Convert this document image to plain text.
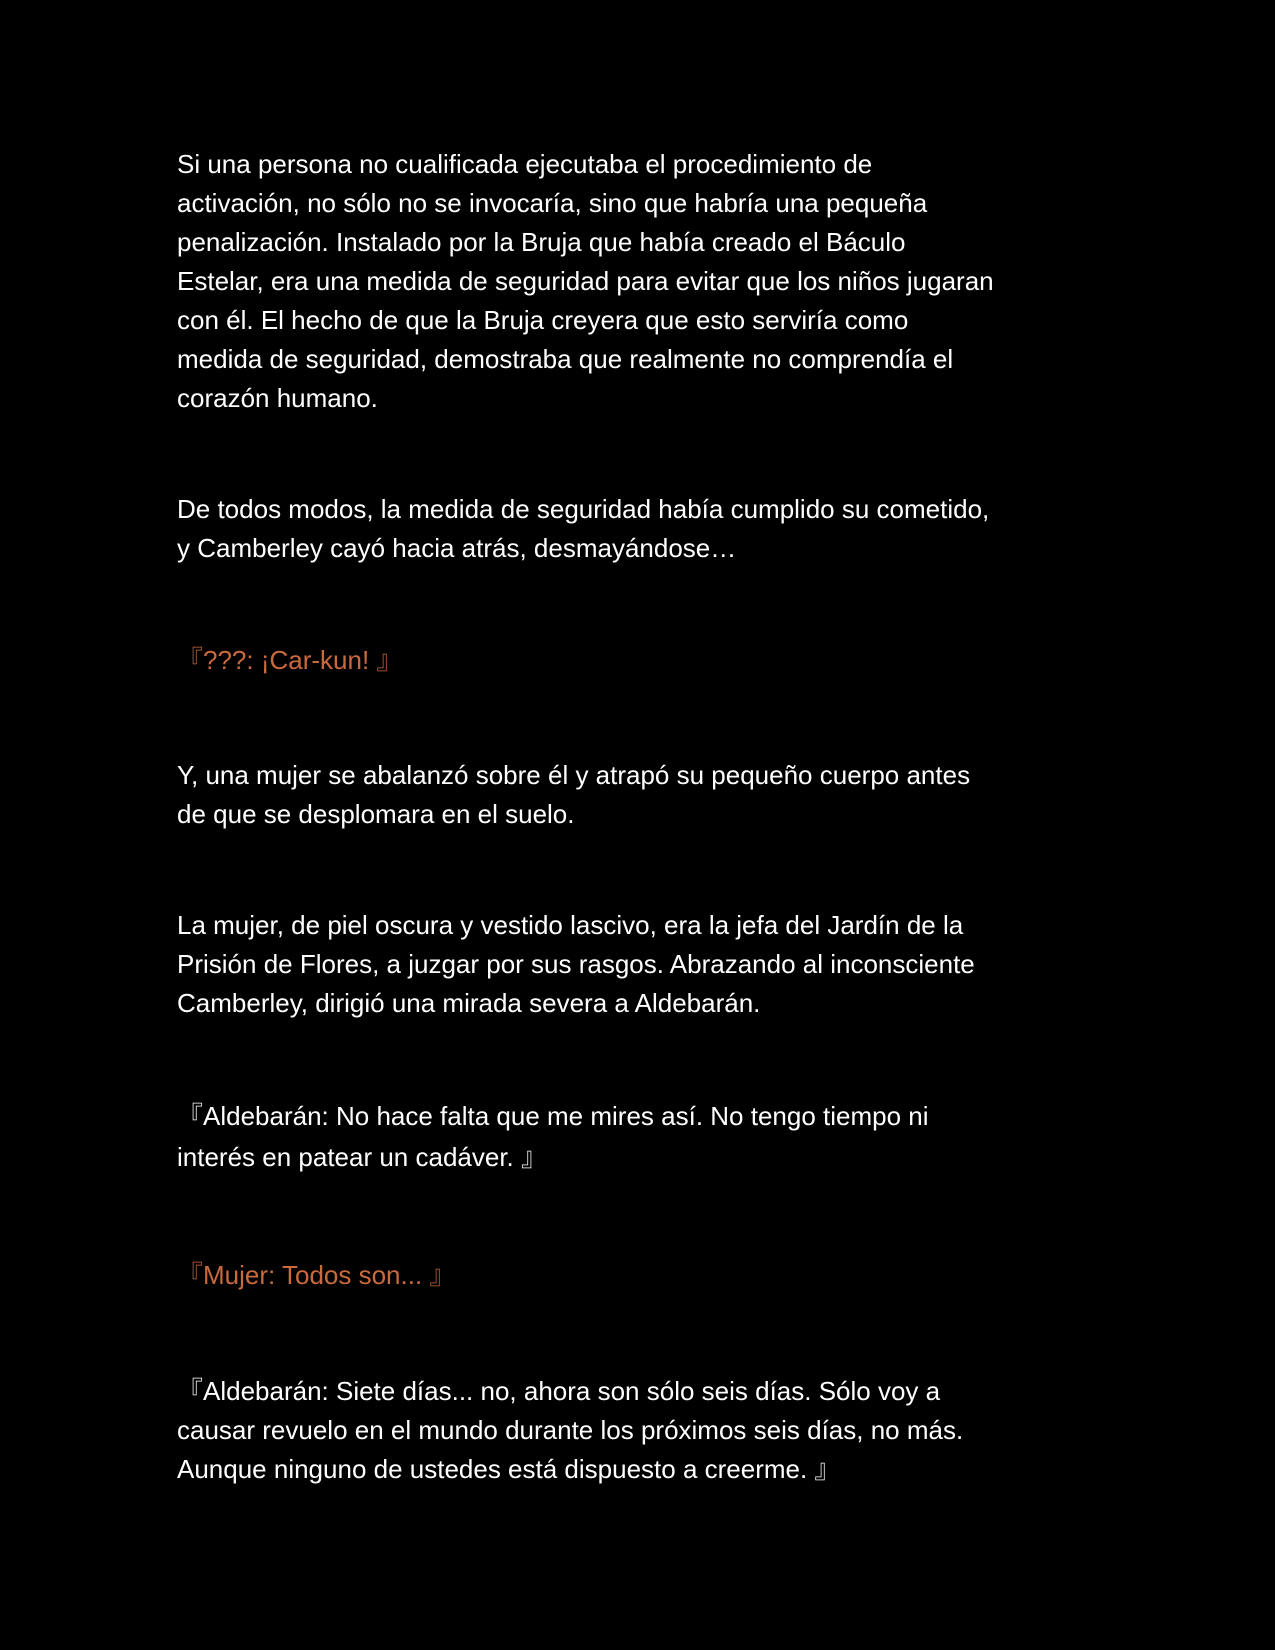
Si una persona no cualificada ejecutaba el procedimiento de
activación, no sólo no se invocaría, sino que habría una pequeña
penalización. Instalado por la Bruja que había creado el Báculo
Estelar, era una medida de seguridad para evitar que los niños jugaran
con él. El hecho de que la Bruja creyera que esto serviría como
medida de seguridad, demostraba que realmente no comprendía el
corazón humano.

De todos modos, la medida de seguridad había cumplido su cometido,
y Camberley cayó hacia atrás, desmayándose…

『???: ¡Car-kun! 』

Y, una mujer se abalanzó sobre él y atrapó su pequeño cuerpo antes
de que se desplomara en el suelo.

La mujer, de piel oscura y vestido lascivo, era la jefa del Jardín de la
Prisión de Flores, a juzgar por sus rasgos. Abrazando al inconsciente
Camberley, dirigió una mirada severa a Aldebarán.

『Aldebarán: No hace falta que me mires así. No tengo tiempo ni
interés en patear un cadáver. 』

『Mujer: Todos son... 』

『Aldebarán: Siete días... no, ahora son sólo seis días. Sólo voy a
causar revuelo en el mundo durante los próximos seis días, no más.
Aunque ninguno de ustedes está dispuesto a creerme. 』
